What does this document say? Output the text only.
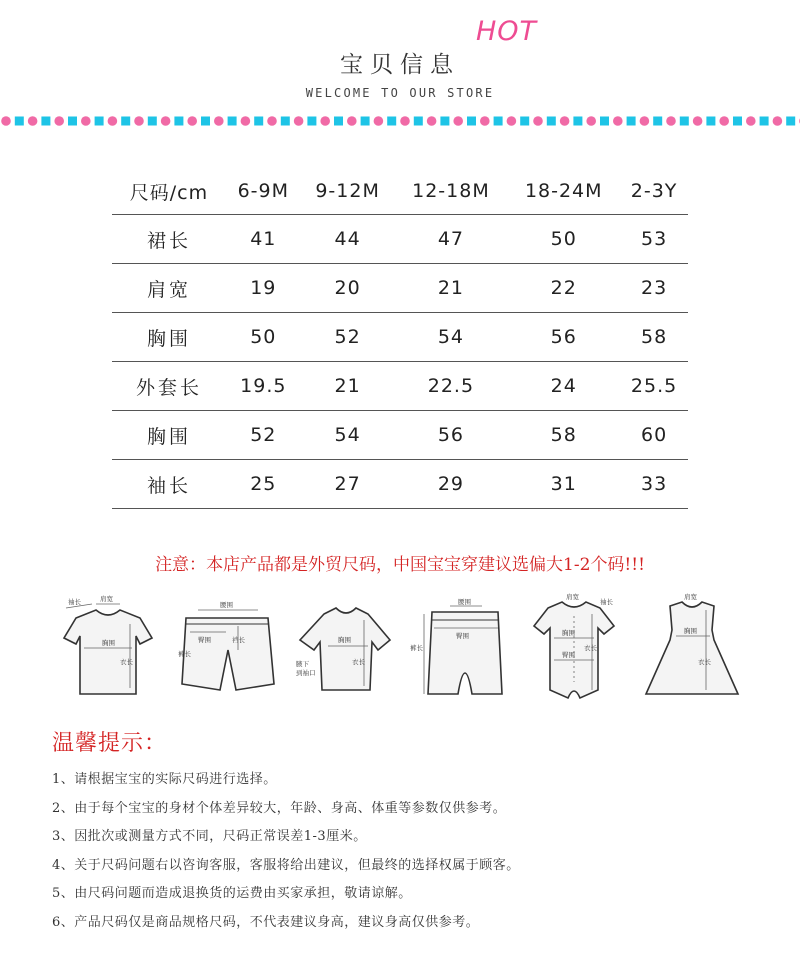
宝贝信息
HOT
WELCOME TO OUR STORE
尺码/cm	6-9M	9-12M	12-18M	18-24M	2-3Y
裙长	41	44	47	50	53
肩宽	19	20	21	22	23
胸围	50	52	54	56	58
外套长	19.5	21	22.5	24	25.5
胸围	52	54	56	58	60
袖长	25	27	29	31	33
注意：本店产品都是外贸尺码，中国宝宝穿建议选偏大1-2个码!!!
袖长	肩宽
胸围
衣长
腰围
臀围	裆长
裤长
胸围
衣长
腋下
到袖口
腰围
臀围
裤长
肩宽
袖长
胸围
臀围
衣长
肩宽
胸围
衣长
温馨提示：
1、请根据宝宝的实际尺码进行选择。
2、由于每个宝宝的身材个体差异较大，年龄、身高、体重等参数仅供参考。
3、因批次或测量方式不同，尺码正常误差1-3厘米。
4、关于尺码问题右以咨询客服，客服将给出建议，但最终的选择权属于顾客。
5、由尺码问题而造成退换货的运费由买家承担，敬请谅解。
6、产品尺码仅是商品规格尺码，不代表建议身高，建议身高仅供参考。
